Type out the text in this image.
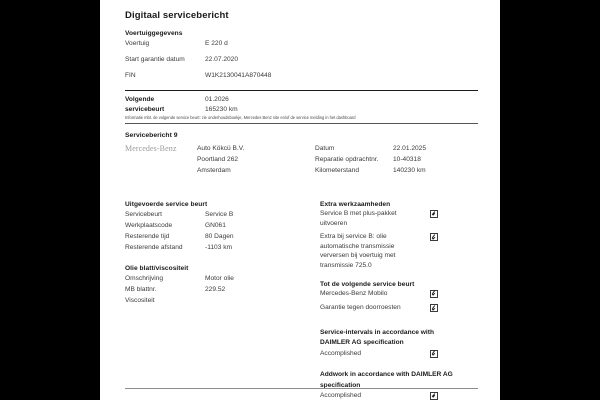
Digitaal servicebericht
Voertuiggegevens
Voertuig	E 220 d
Start garantie datum	22.07.2020
FIN	W1K2130041A870448
Volgende	01.2026
servicebeurt	165230 km
Informatie mbt. de volgende service beurt: zie onderhoudsboekje, Mercedes Benz site en/of de service melding in het dashboard
Servicebericht 9
Mercedes-Benz	Auto Kökcü B.V.
Poortland 262
Amsterdam
Datum	22.01.2025
Reparatie opdrachtnr.	10-40318
Kilometerstand	140230 km
Uitgevoerde service beurt
Servicebeurt	Service B
Werkplaatscode	GN061
Resterende tijd	80 Dagen
Resterende afstand	-1103 km
Olie blatt/viscositeit
Omschrijving	Motor olie
MB blattnr.	229.52
Viscositeit
Extra werkzaamheden
Service B met plus-pakket uitvoeren
Extra bij service B: olie automatische transmissie verversen bij voertuig met transmissie 725.0
Tot de volgende service beurt
Mercedes-Benz Mobilo
Garantie tegen doorroesten
Service-intervals in accordance with
DAIMLER AG specification
Accomplished
Addwork in accordance with DAIMLER AG
specification
Accomplished
